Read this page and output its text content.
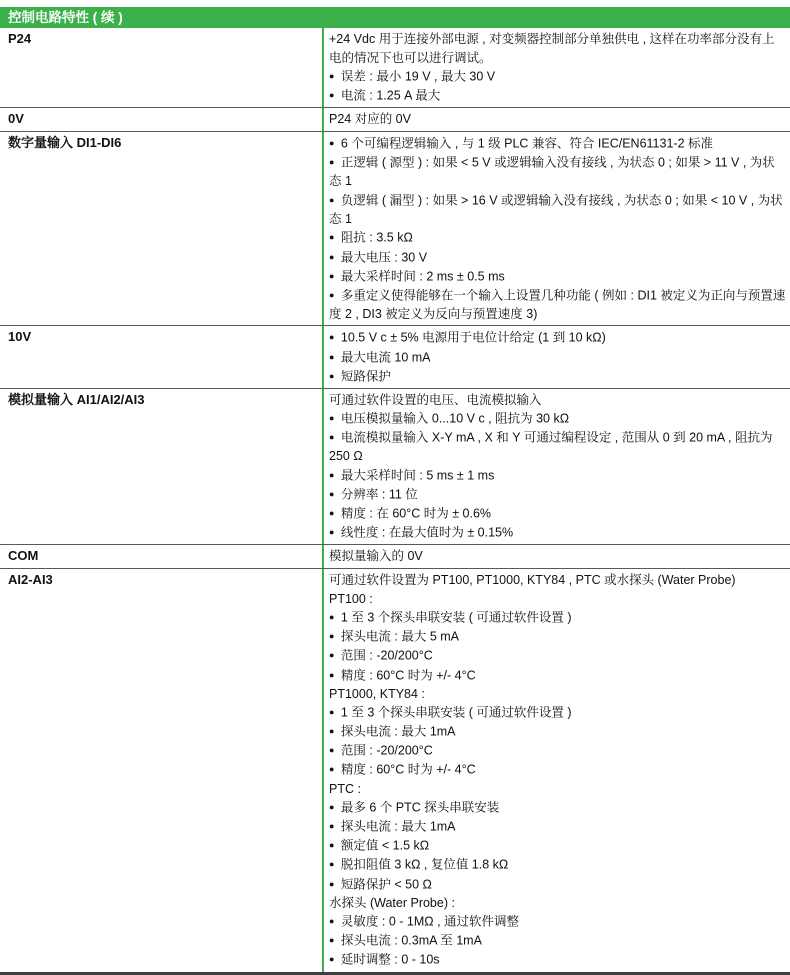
控制电路特性 ( 续 )
P24	+24 Vdc 用于连接外部电源 , 对变频器控制部分单独供电 , 这样在功率部分没有上电的情况下也可以进行调试。
● 误差 : 最小 19 V , 最大 30 V
● 电流 : 1.25 A 最大
0V	P24 对应的 0V
数字量输入 DI1-DI6	● 6 个可编程逻辑输入 , 与 1 级 PLC 兼容、符合 IEC/EN61131-2 标准
● 正逻辑 ( 源型 ) : 如果 < 5 V 或逻辑输入没有接线 , 为状态 0 ; 如果 > 11 V , 为状态 1
● 负逻辑 ( 漏型 ) : 如果 > 16 V 或逻辑输入没有接线 , 为状态 0 ; 如果 < 10 V , 为状态 1
● 阻抗 : 3.5 kΩ
● 最大电压 : 30 V
● 最大采样时间 : 2 ms ± 0.5 ms
● 多重定义使得能够在一个输入上设置几种功能 ( 例如 : DI1 被定义为正向与预置速度 2 , DI3 被定义为反向与预置速度 3)
10V	● 10.5 V c ± 5% 电源用于电位计给定 (1 到 10 kΩ)
● 最大电流 10 mA
● 短路保护
模拟量输入 AI1/AI2/AI3	可通过软件设置的电压、电流模拟输入
● 电压模拟量输入 0...10 V c , 阻抗为 30 kΩ
● 电流模拟量输入 X-Y mA , X 和 Y 可通过编程设定 , 范围从 0 到 20 mA , 阻抗为 250 Ω
● 最大采样时间 : 5 ms ± 1 ms
● 分辨率 : 11 位
● 精度 : 在 60°C 时为 ± 0.6%
● 线性度 : 在最大值时为 ± 0.15%
COM	模拟量输入的 0V
AI2-AI3	可通过软件设置为 PT100, PT1000, KTY84 , PTC 或水探头 (Water Probe)
PT100 :
● 1 至 3 个探头串联安装 ( 可通过软件设置 )
● 探头电流 : 最大 5 mA
● 范围 : -20/200°C
● 精度 : 60°C 时为 +/- 4°C
PT1000, KTY84 :
● 1 至 3 个探头串联安装 ( 可通过软件设置 )
● 探头电流 : 最大 1mA
● 范围 : -20/200°C
● 精度 : 60°C 时为 +/- 4°C
PTC :
● 最多 6 个 PTC 探头串联安装
● 探头电流 : 最大 1mA
● 额定值 < 1.5 kΩ
● 脱扣阻值 3 kΩ , 复位值 1.8 kΩ
● 短路保护 < 50 Ω
水探头 (Water Probe) :
● 灵敏度 : 0 - 1MΩ , 通过软件调整
● 探头电流 : 0.3mA 至 1mA
● 延时调整 : 0 - 10s
